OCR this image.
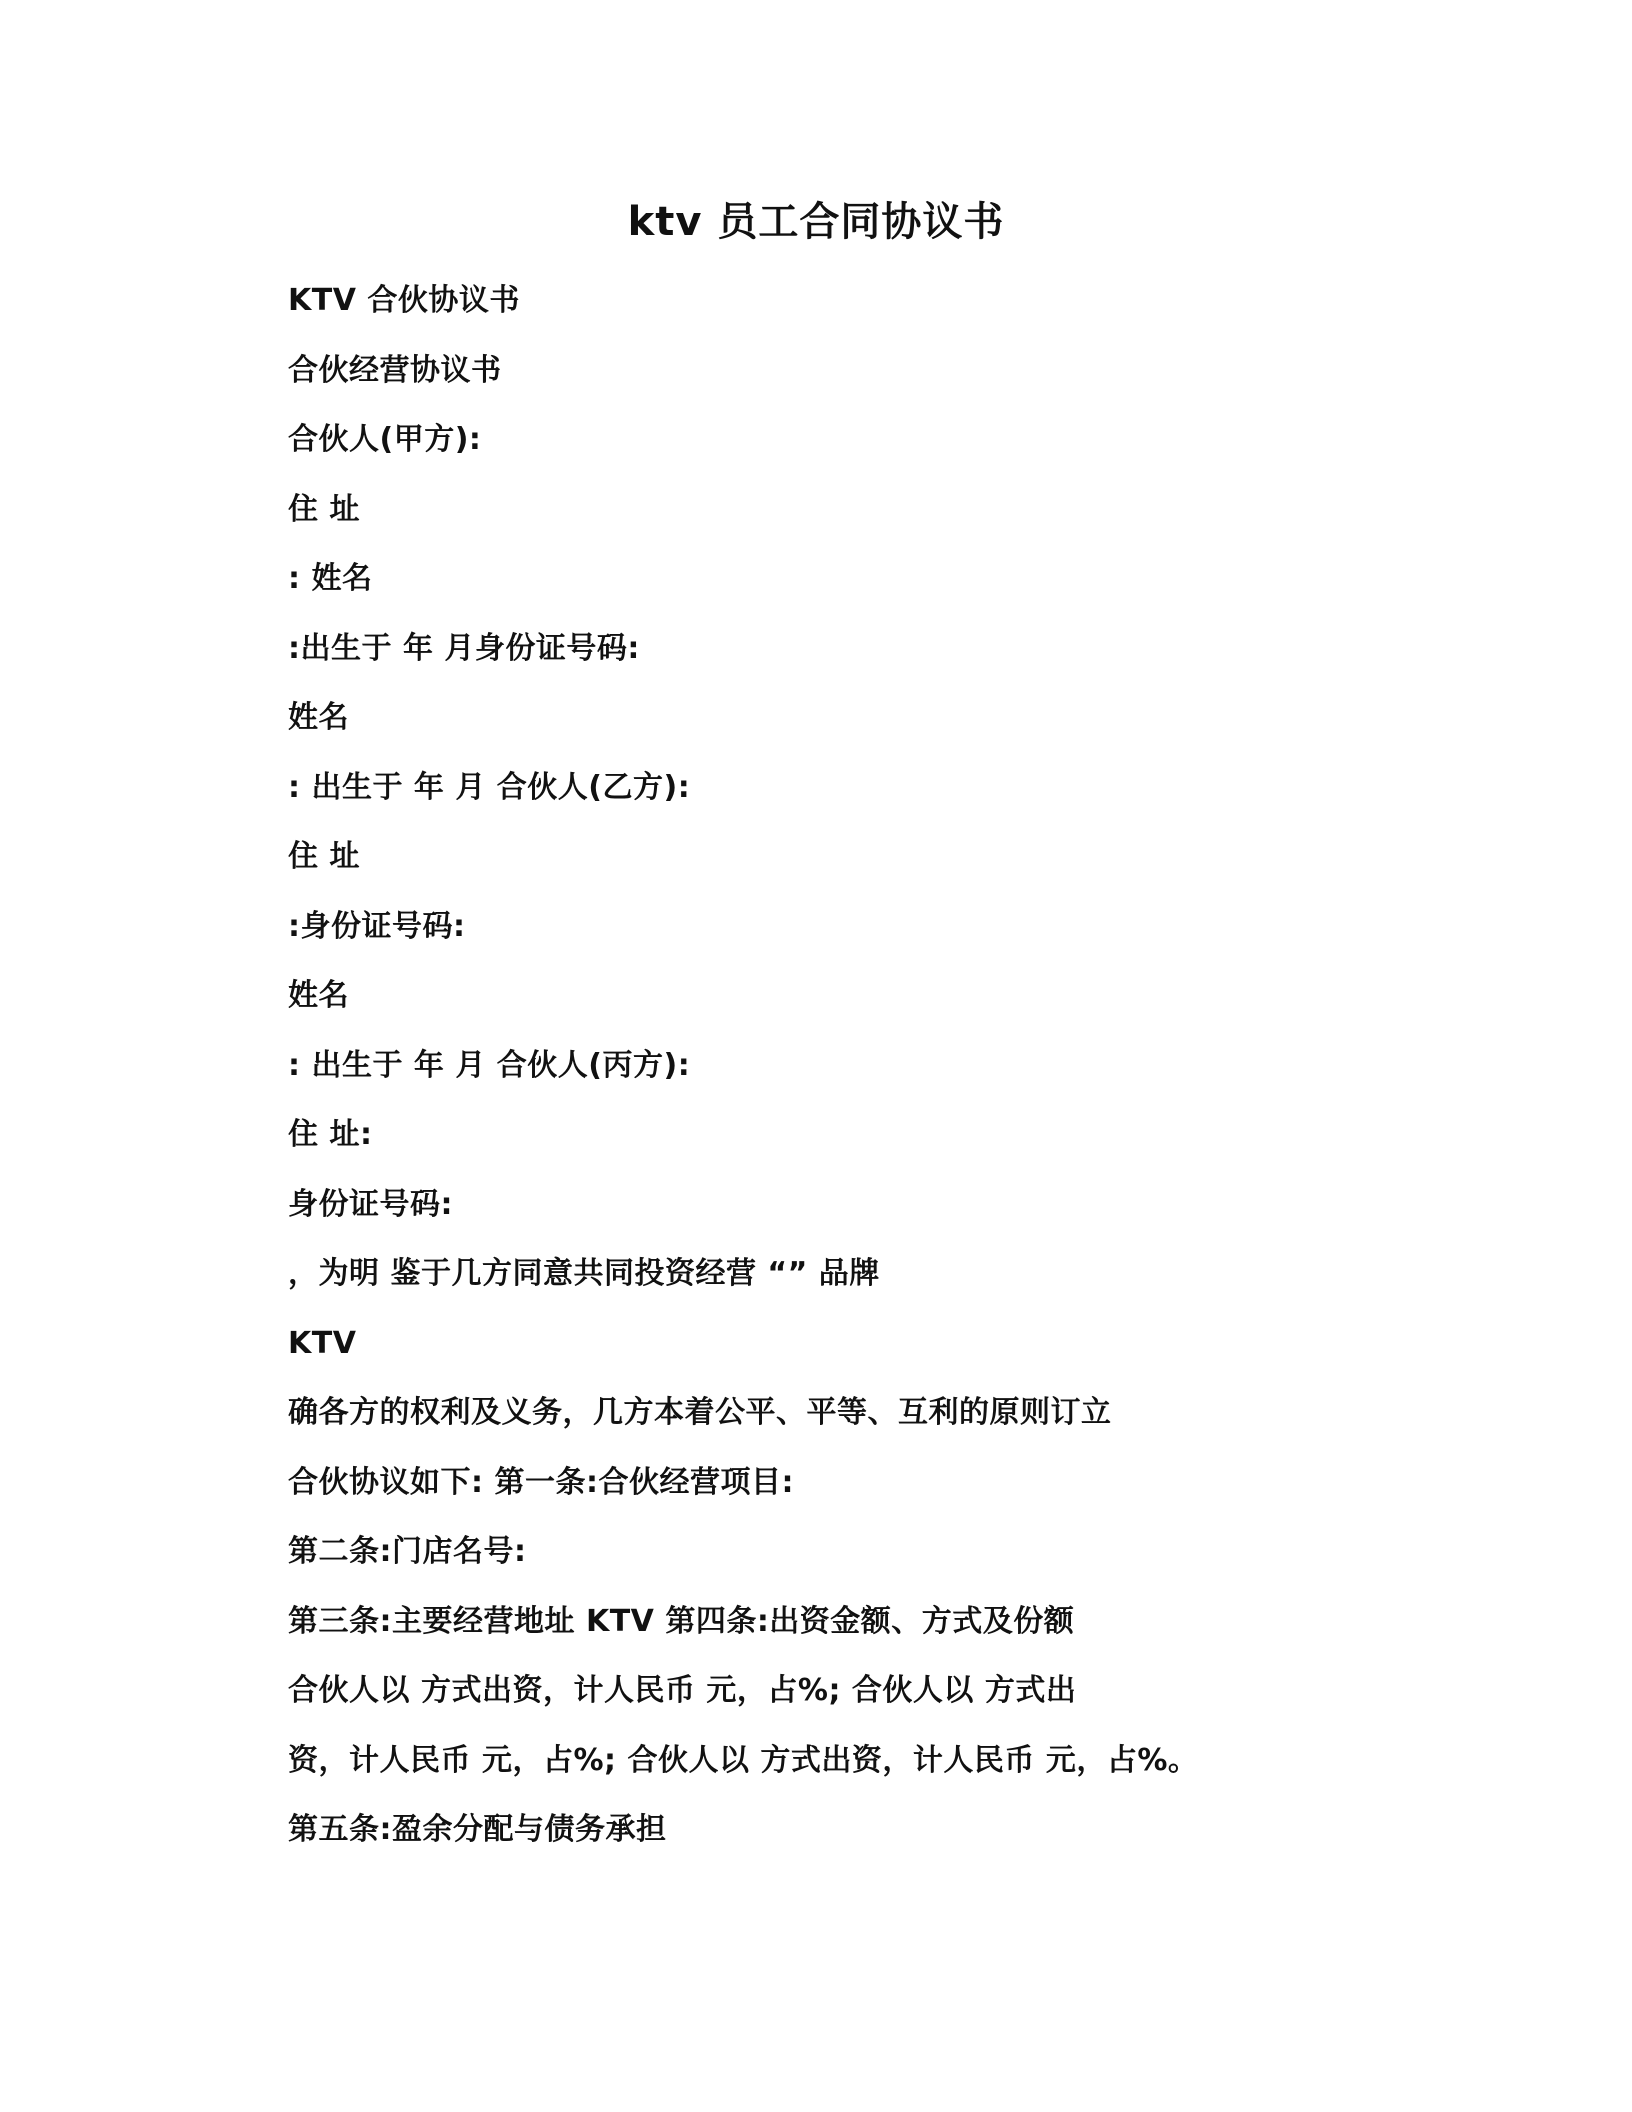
ktv 员工合同协议书
KTV 合伙协议书
合伙经营协议书
合伙人(甲方):
住 址
: 姓名
:出生于 年 月身份证号码:
姓名
: 出生于 年 月 合伙人(乙方):
住 址
:身份证号码:
姓名
: 出生于 年 月 合伙人(丙方):
住 址:
身份证号码:
，为明 鉴于几方同意共同投资经营 “” 品牌
KTV
确各方的权利及义务，几方本着公平、平等、互利的原则订立
合伙协议如下: 第一条:合伙经营项目:
第二条:门店名号:
第三条:主要经营地址 KTV 第四条:出资金额、方式及份额
合伙人以 方式出资，计人民币 元，占%; 合伙人以 方式出
资，计人民币 元，占%; 合伙人以 方式出资，计人民币 元，占%。
第五条:盈余分配与债务承担
